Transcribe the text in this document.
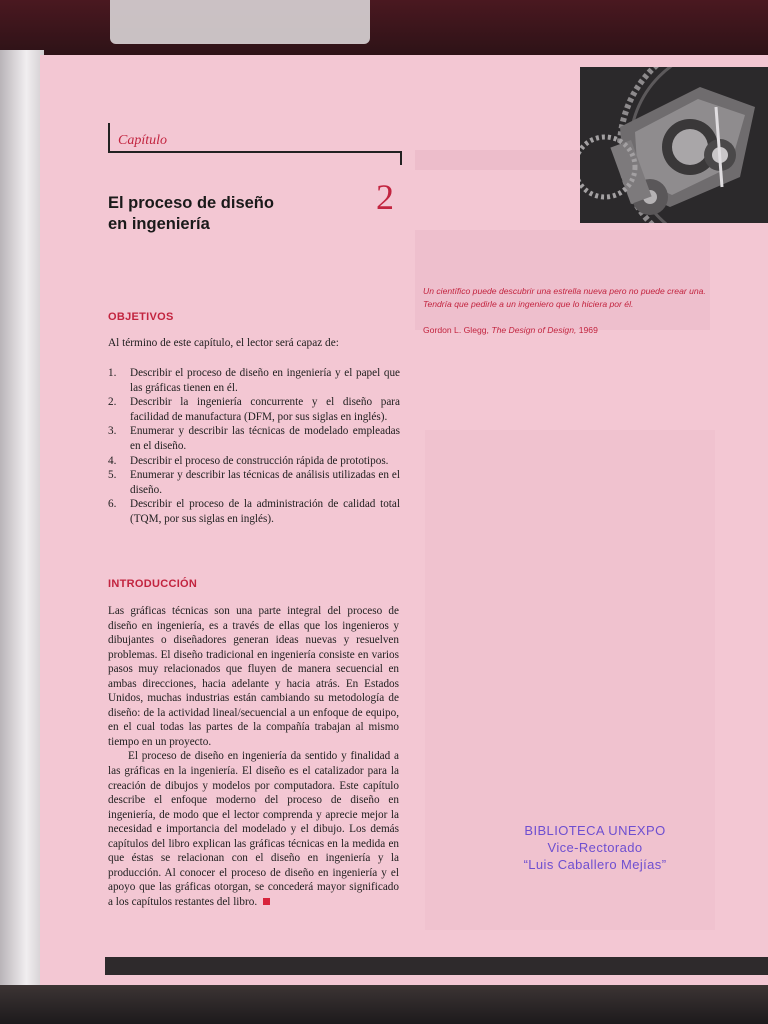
Capítulo
El proceso de diseño
en ingeniería
2
Un científico puede descubrir una estrella nueva pero no puede crear una. Tendría que pedirle a un ingeniero que lo hiciera por él.
Gordon L. Glegg, The Design of Design, 1969
OBJETIVOS
Al término de este capítulo, el lector será capaz de:
1. Describir el proceso de diseño en ingeniería y el papel que las gráficas tienen en él.
2. Describir la ingeniería concurrente y el diseño para facilidad de manufactura (DFM, por sus siglas en inglés).
3. Enumerar y describir las técnicas de modelado empleadas en el diseño.
4. Describir el proceso de construcción rápida de prototipos.
5. Enumerar y describir las técnicas de análisis utilizadas en el diseño.
6. Describir el proceso de la administración de calidad total (TQM, por sus siglas en inglés).
INTRODUCCIÓN

Las gráficas técnicas son una parte integral del proceso de diseño en ingeniería, es a través de ellas que los ingenieros y dibujantes o diseñadores generan ideas nuevas y resuelven problemas. El diseño tradicional en ingeniería consiste en varios pasos muy relacionados que fluyen de manera secuencial en ambas direcciones, hacia adelante y hacia atrás. En Estados Unidos, muchas industrias están cambiando su metodología de diseño: de la actividad lineal/secuencial a un enfoque de equipo, en el cual todas las partes de la compañía trabajan al mismo tiempo en un proyecto.

El proceso de diseño en ingeniería da sentido y finalidad a las gráficas en la ingeniería. El diseño es el catalizador para la creación de dibujos y modelos por computadora. Este capítulo describe el enfoque moderno del proceso de diseño en ingeniería, de modo que el lector comprenda y aprecie mejor la necesidad e importancia del modelado y el dibujo. Los demás capítulos del libro explican las gráficas técnicas en la medida en que éstas se relacionan con el diseño en ingeniería y la producción. Al conocer el proceso de diseño en ingeniería y el apoyo que las gráficas otorgan, se concederá mayor significado a los capítulos restantes del libro.

BIBLIOTECA UNEXPO
Vice-Rectorado
“Luis Caballero Mejías”
